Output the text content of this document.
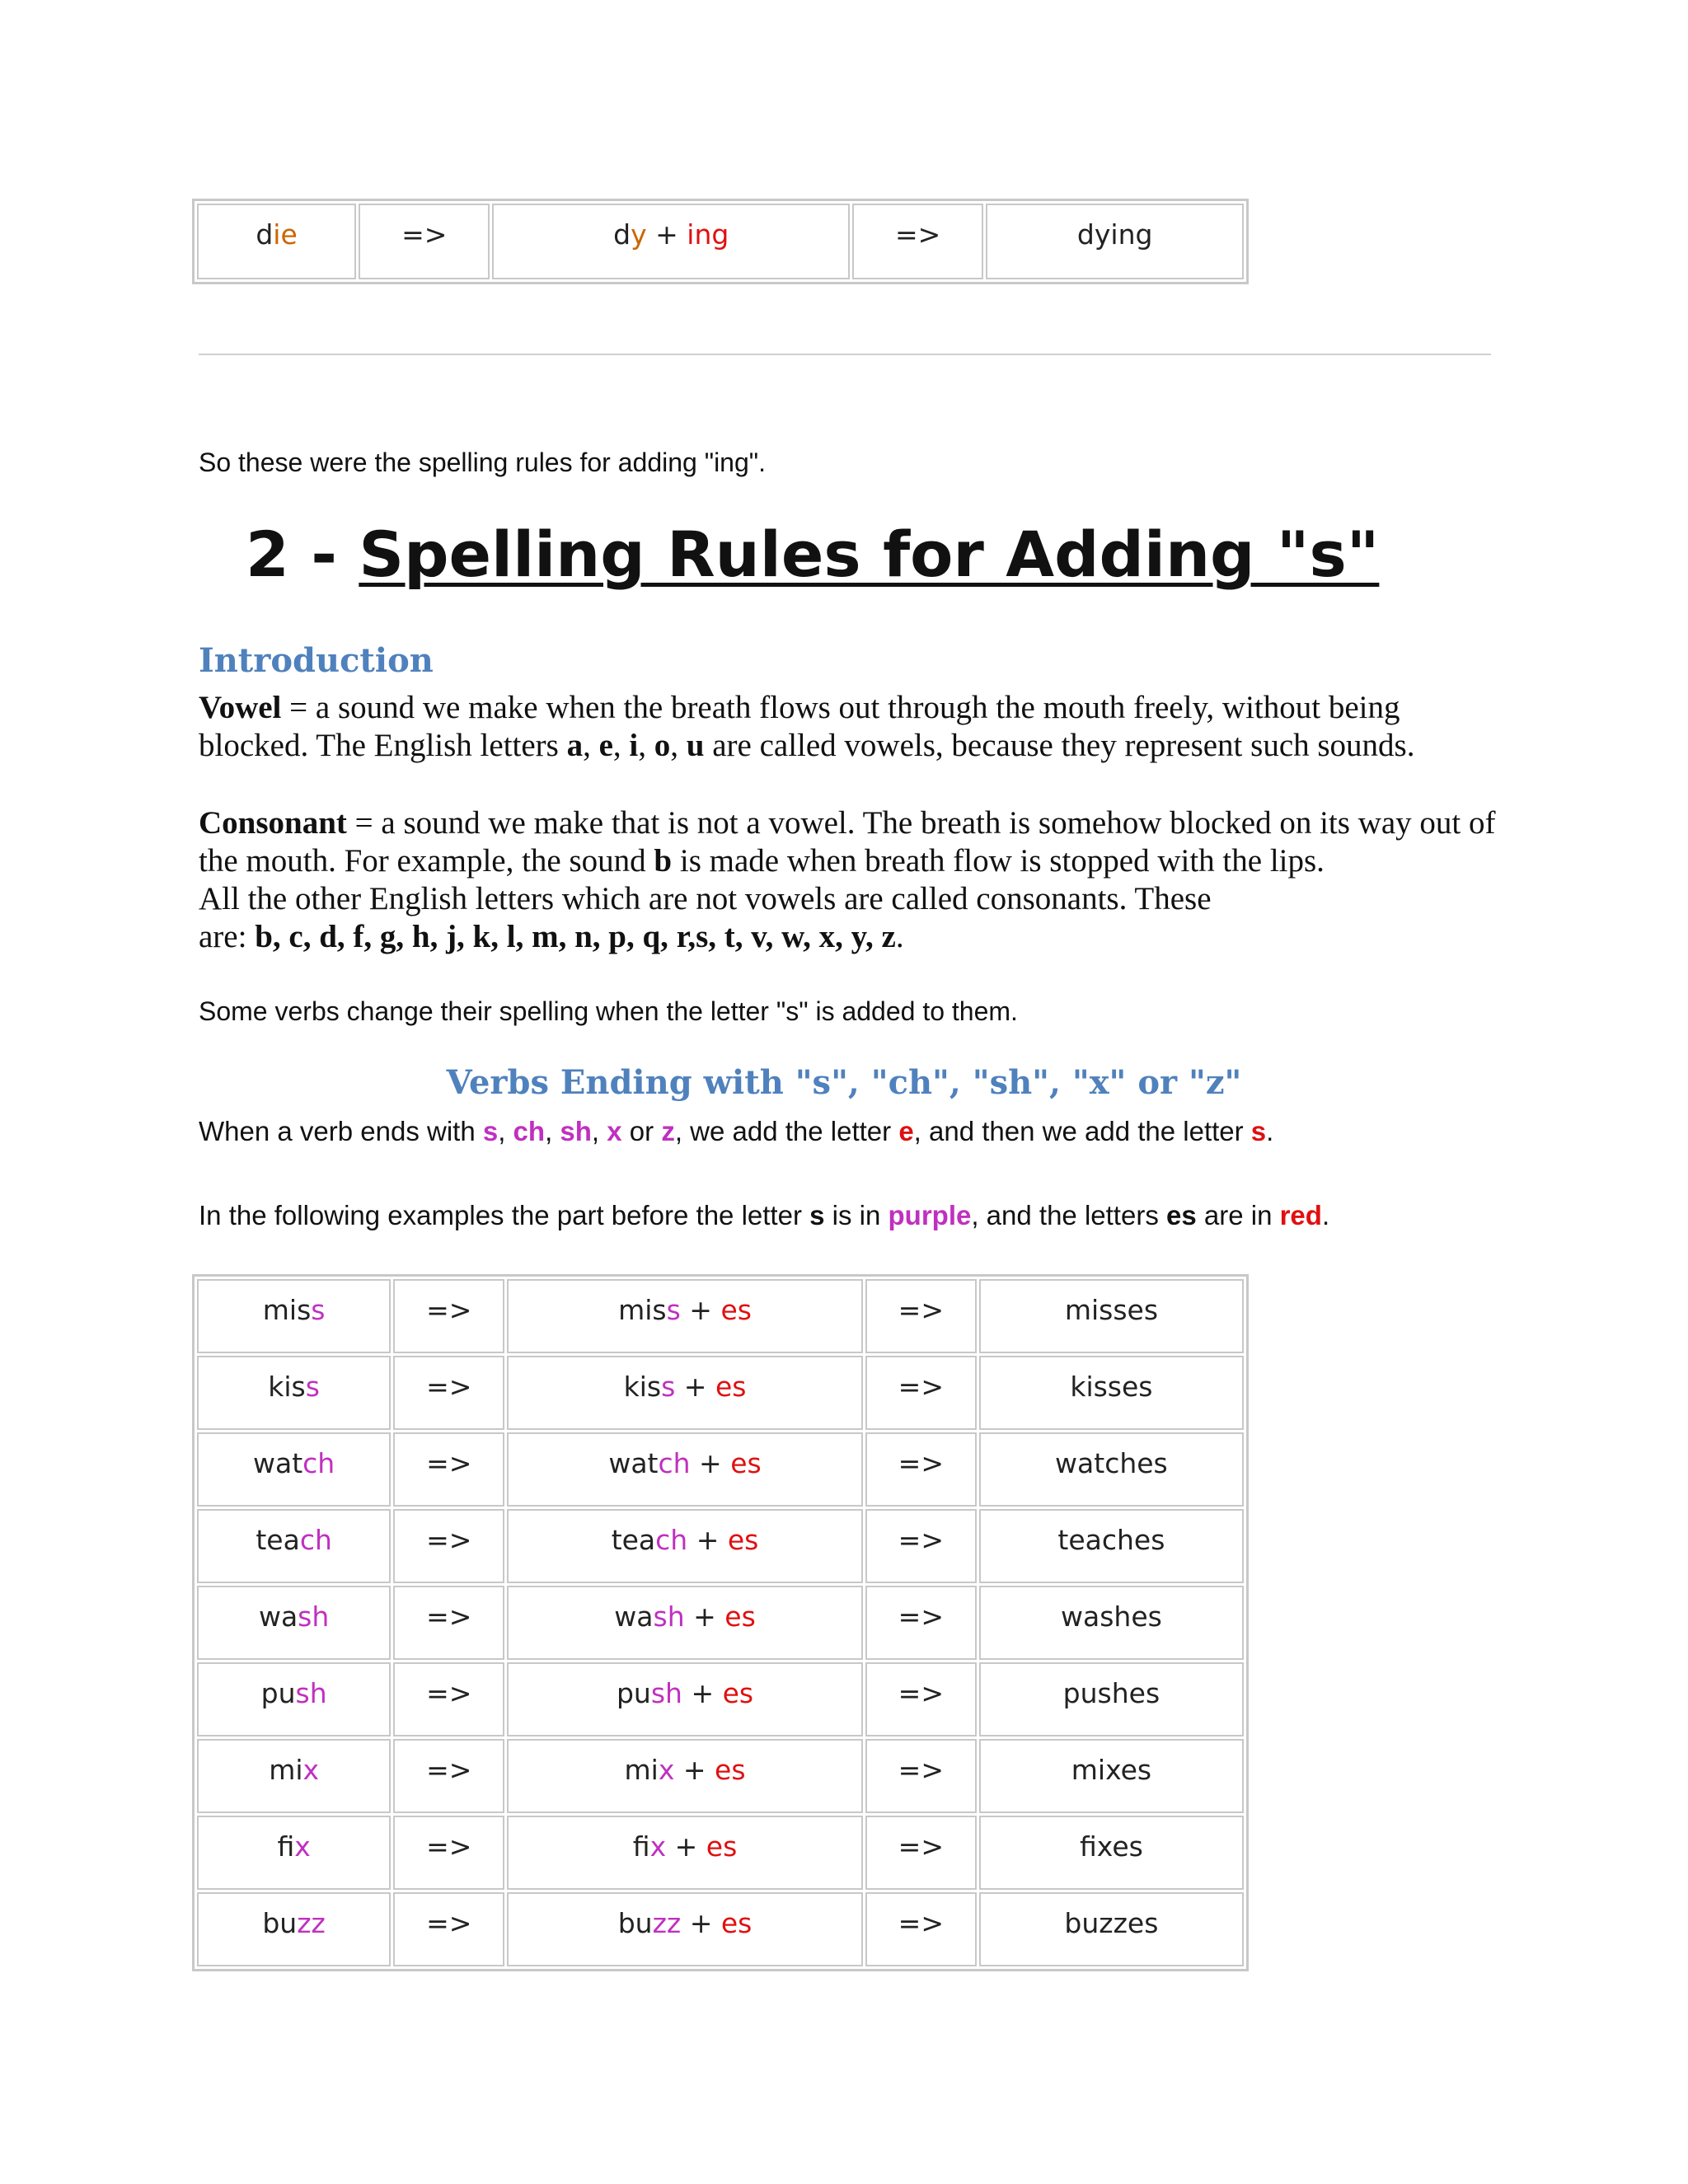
die	=>	dy + ing	=>	dying
So these were the spelling rules for adding "ing".
2 - Spelling Rules for Adding "s"
Introduction
Vowel = a sound we make when the breath flows out through the mouth freely, without being blocked. The English letters a, e, i, o, u are called vowels, because they represent such sounds.
Consonant = a sound we make that is not a vowel. The breath is somehow blocked on its way out of the mouth. For example, the sound b is made when breath flow is stopped with the lips.
All the other English letters which are not vowels are called consonants. These
are: b, c, d, f, g, h, j, k, l, m, n, p, q, r,s, t, v, w, x, y, z.
Some verbs change their spelling when the letter "s" is added to them.
Verbs Ending with "s", "ch", "sh", "x" or "z"
When a verb ends with s, ch, sh, x or z, we add the letter e, and then we add the letter s.
In the following examples the part before the letter s is in purple, and the letters es are in red.
miss	=>	miss + es	=>	misses
kiss	=>	kiss + es	=>	kisses
watch	=>	watch + es	=>	watches
teach	=>	teach + es	=>	teaches
wash	=>	wash + es	=>	washes
push	=>	push + es	=>	pushes
mix	=>	mix + es	=>	mixes
fix	=>	fix + es	=>	fixes
buzz	=>	buzz + es	=>	buzzes
